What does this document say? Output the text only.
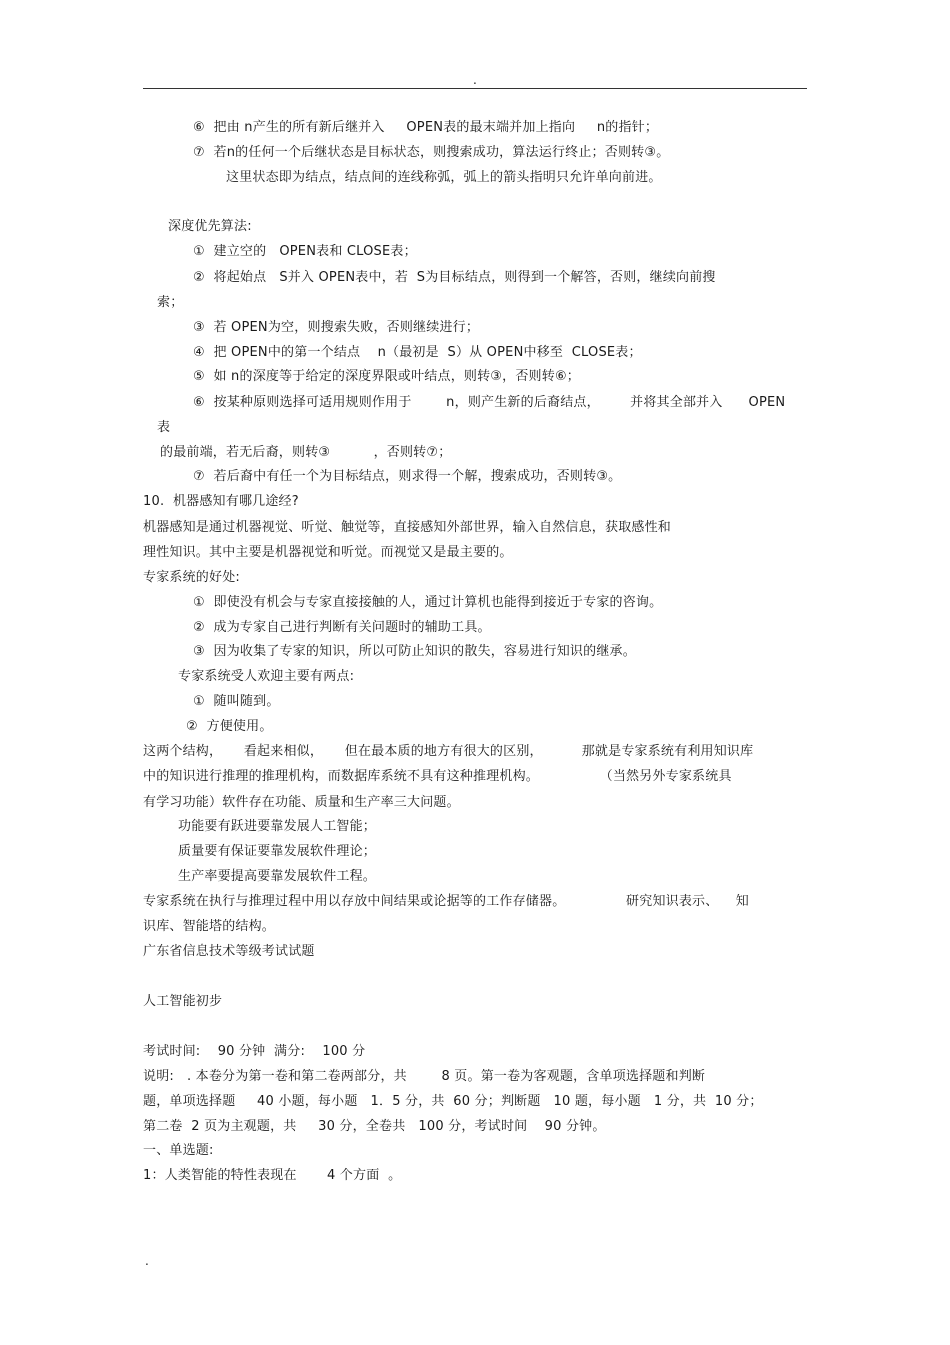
.
⑥  把由 n产生的所有新后继并入     OPEN表的最末端并加上指向     n的指针；
⑦  若n的任何一个后继状态是目标状态，则搜索成功，算法运行终止；否则转③。
这里状态即为结点，结点间的连线称弧，弧上的箭头指明只允许单向前进。
深度优先算法:
①  建立空的   OPEN表和 CLOSE表；
②  将起始点   S并入 OPEN表中，若  S为目标结点，则得到一个解答，否则，继续向前搜
索；
③  若 OPEN为空，则搜索失败，否则继续进行；
④  把 OPEN中的第一个结点    n（最初是  S）从 OPEN中移至  CLOSE表；
⑤  如 n的深度等于给定的深度界限或叶结点，则转③，否则转⑥；
⑥  按某种原则选择可适用规则作用于        n，则产生新的后裔结点，       并将其全部并入      OPEN
表
的最前端，若无后裔，则转③          ，否则转⑦；
⑦  若后裔中有任一个为目标结点，则求得一个解，搜索成功，否则转③。
10.  机器感知有哪几途经?
机器感知是通过机器视觉、听觉、触觉等，直接感知外部世界，输入自然信息，获取感性和
理性知识。其中主要是机器视觉和听觉。而视觉又是最主要的。
专家系统的好处:
①  即使没有机会与专家直接接触的人，通过计算机也能得到接近于专家的咨询。
②  成为专家自己进行判断有关问题时的辅助工具。
③  因为收集了专家的知识，所以可防止知识的散失，容易进行知识的继承。
专家系统受人欢迎主要有两点:
①  随叫随到。
②  方便使用。
这两个结构，     看起来相似，     但在最本质的地方有很大的区别，         那就是专家系统有利用知识库
中的知识进行推理的推理机构，而数据库系统不具有这种推理机构。              （当然另外专家系统具
有学习功能）软件存在功能、质量和生产率三大问题。
功能要有跃进要靠发展人工智能；
质量要有保证要靠发展软件理论；
生产率要提高要靠发展软件工程。
专家系统在执行与推理过程中用以存放中间结果或论据等的工作存储器。              研究知识表示、    知
识库、智能塔的结构。
广东省信息技术等级考试试题
人工智能初步
考试时间:    90 分钟  满分:    100 分
说明:   . 本卷分为第一卷和第二卷两部分，共        8 页。第一卷为客观题，含单项选择题和判断
题，单项选择题     40 小题，每小题   1．5 分，共  60 分；判断题   10 题，每小题   1 分，共  10 分；
第二卷  2 页为主观题，共     30 分，全卷共   100 分，考试时间    90 分钟。
一、单选题:
1：人类智能的特性表现在       4 个方面  。
.
